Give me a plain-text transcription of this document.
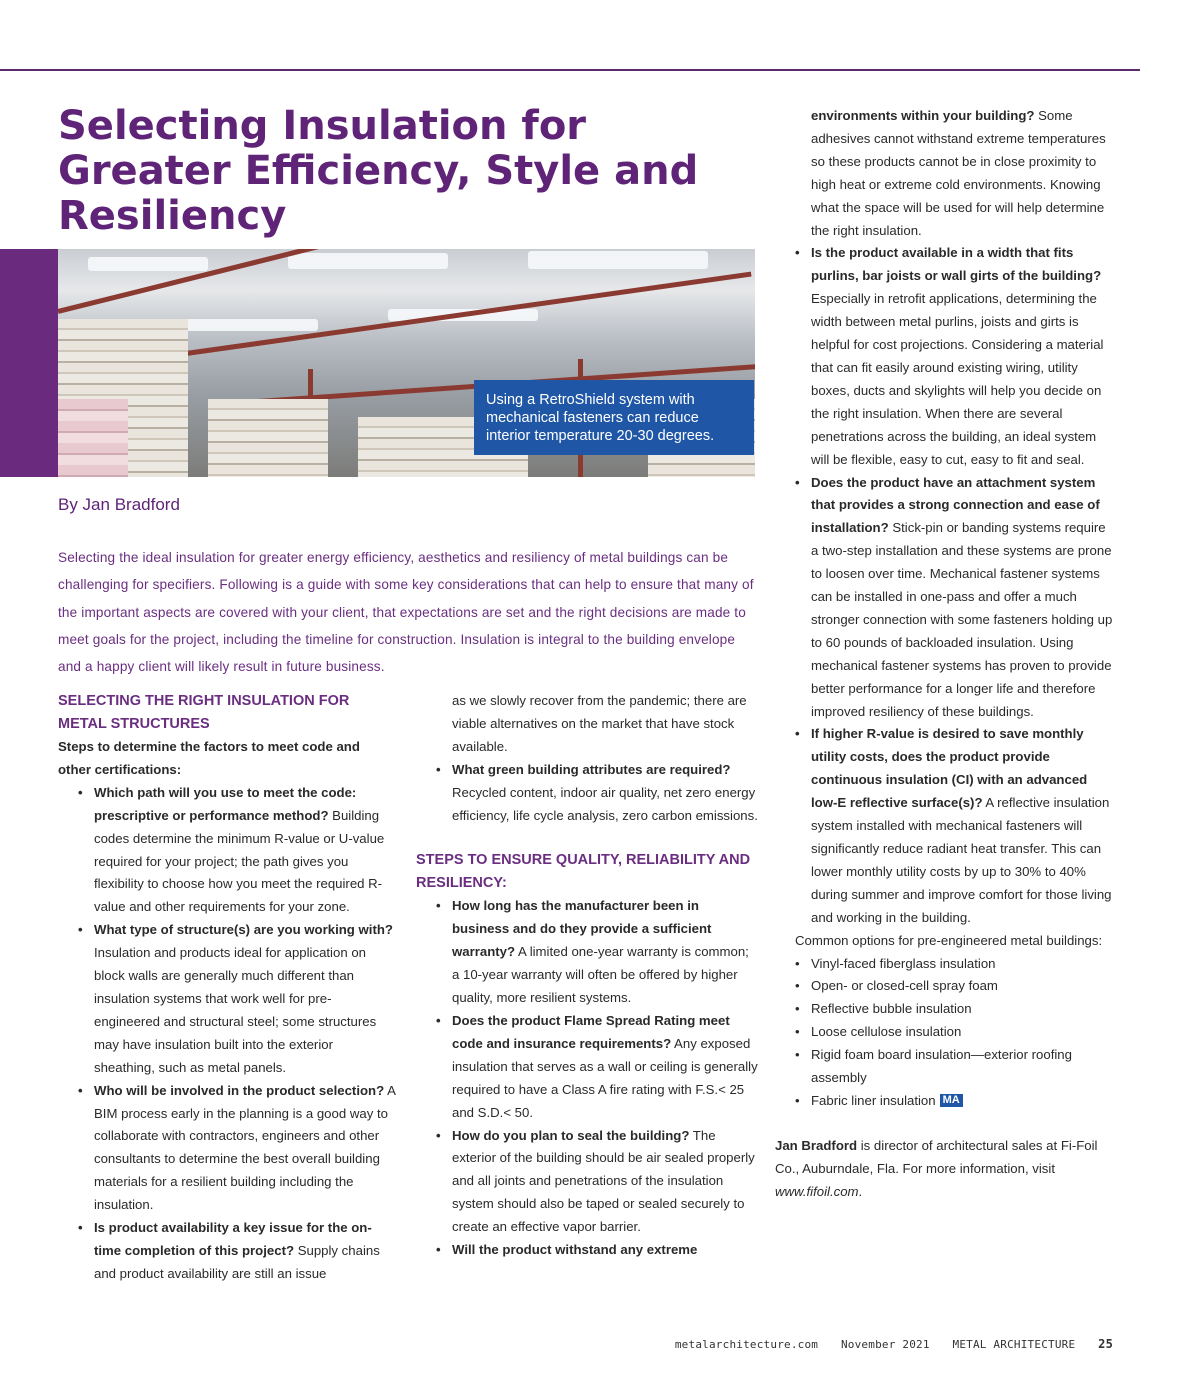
Selecting Insulation for Greater Efficiency, Style and Resiliency
Using a RetroShield system with mechanical fasteners can reduce interior temperature 20-30 degrees.

By Jan Bradford

Selecting the ideal insulation for greater energy efficiency, aesthetics and resiliency of metal buildings can be challenging for specifiers. Following is a guide with some key considerations that can help to ensure that many of the important aspects are covered with your client, that expectations are set and the right decisions are made to meet goals for the project, including the timeline for construction. Insulation is integral to the building envelope and a happy client will likely result in future business.

SELECTING THE RIGHT INSULATION FOR METAL STRUCTURES

Steps to determine the factors to meet code and other certifications:

• Which path will you use to meet the code: prescriptive or performance method? Building codes determine the minimum R-value or U-value required for your project; the path gives you flexibility to choose how you meet the required R-value and other requirements for your zone.
• What type of structure(s) are you working with? Insulation and products ideal for application on block walls are generally much different than insulation systems that work well for pre-engineered and structural steel; some structures may have insulation built into the exterior sheathing, such as metal panels.
• Who will be involved in the product selection? A BIM process early in the planning is a good way to collaborate with contractors, engineers and other consultants to determine the best overall building materials for a resilient building including the insulation.
• Is product availability a key issue for the on-time completion of this project? Supply chains and product availability are still an issue

as we slowly recover from the pandemic; there are viable alternatives on the market that have stock available.

• What green building attributes are required? Recycled content, indoor air quality, net zero energy efficiency, life cycle analysis, zero carbon emissions.
STEPS TO ENSURE QUALITY, RELIABILITY AND RESILIENCY:
• How long has the manufacturer been in business and do they provide a sufficient warranty? A limited one-year warranty is common; a 10-year warranty will often be offered by higher quality, more resilient systems.
• Does the product Flame Spread Rating meet code and insurance requirements? Any exposed insulation that serves as a wall or ceiling is generally required to have a Class A fire rating with F.S.< 25 and S.D.< 50.
• How do you plan to seal the building? The exterior of the building should be air sealed properly and all joints and penetrations of the insulation system should also be taped or sealed securely to create an effective vapor barrier.
• Will the product withstand any extreme

environments within your building? Some adhesives cannot withstand extreme temperatures so these products cannot be in close proximity to high heat or extreme cold environments. Knowing what the space will be used for will help determine the right insulation.

• Is the product available in a width that fits purlins, bar joists or wall girts of the building? Especially in retrofit applications, determining the width between metal purlins, joists and girts is helpful for cost projections. Considering a material that can fit easily around existing wiring, utility boxes, ducts and skylights will help you decide on the right insulation. When there are several penetrations across the building, an ideal system will be flexible, easy to cut, easy to fit and seal.
• Does the product have an attachment system that provides a strong connection and ease of installation? Stick-pin or banding systems require a two-step installation and these systems are prone to loosen over time. Mechanical fastener systems can be installed in one-pass and offer a much stronger connection with some fasteners holding up to 60 pounds of backloaded insulation. Using mechanical fastener systems has proven to provide better performance for a longer life and therefore improved resiliency of these buildings.
• If higher R-value is desired to save monthly utility costs, does the product provide continuous insulation (CI) with an advanced low-E reflective surface(s)? A reflective insulation system installed with mechanical fasteners will significantly reduce radiant heat transfer. This can lower monthly utility costs by up to 30% to 40% during summer and improve comfort for those living and working in the building.

Common options for pre-engineered metal buildings:

• Vinyl-faced fiberglass insulation
• Open- or closed-cell spray foam
• Reflective bubble insulation
• Loose cellulose insulation
• Rigid foam board insulation—exterior roofing assembly
• Fabric liner insulation MA

Jan Bradford is director of architectural sales at Fi-Foil Co., Auburndale, Fla. For more information, visit www.fifoil.com.

metalarchitecture.com November 2021 METAL ARCHITECTURE 25
